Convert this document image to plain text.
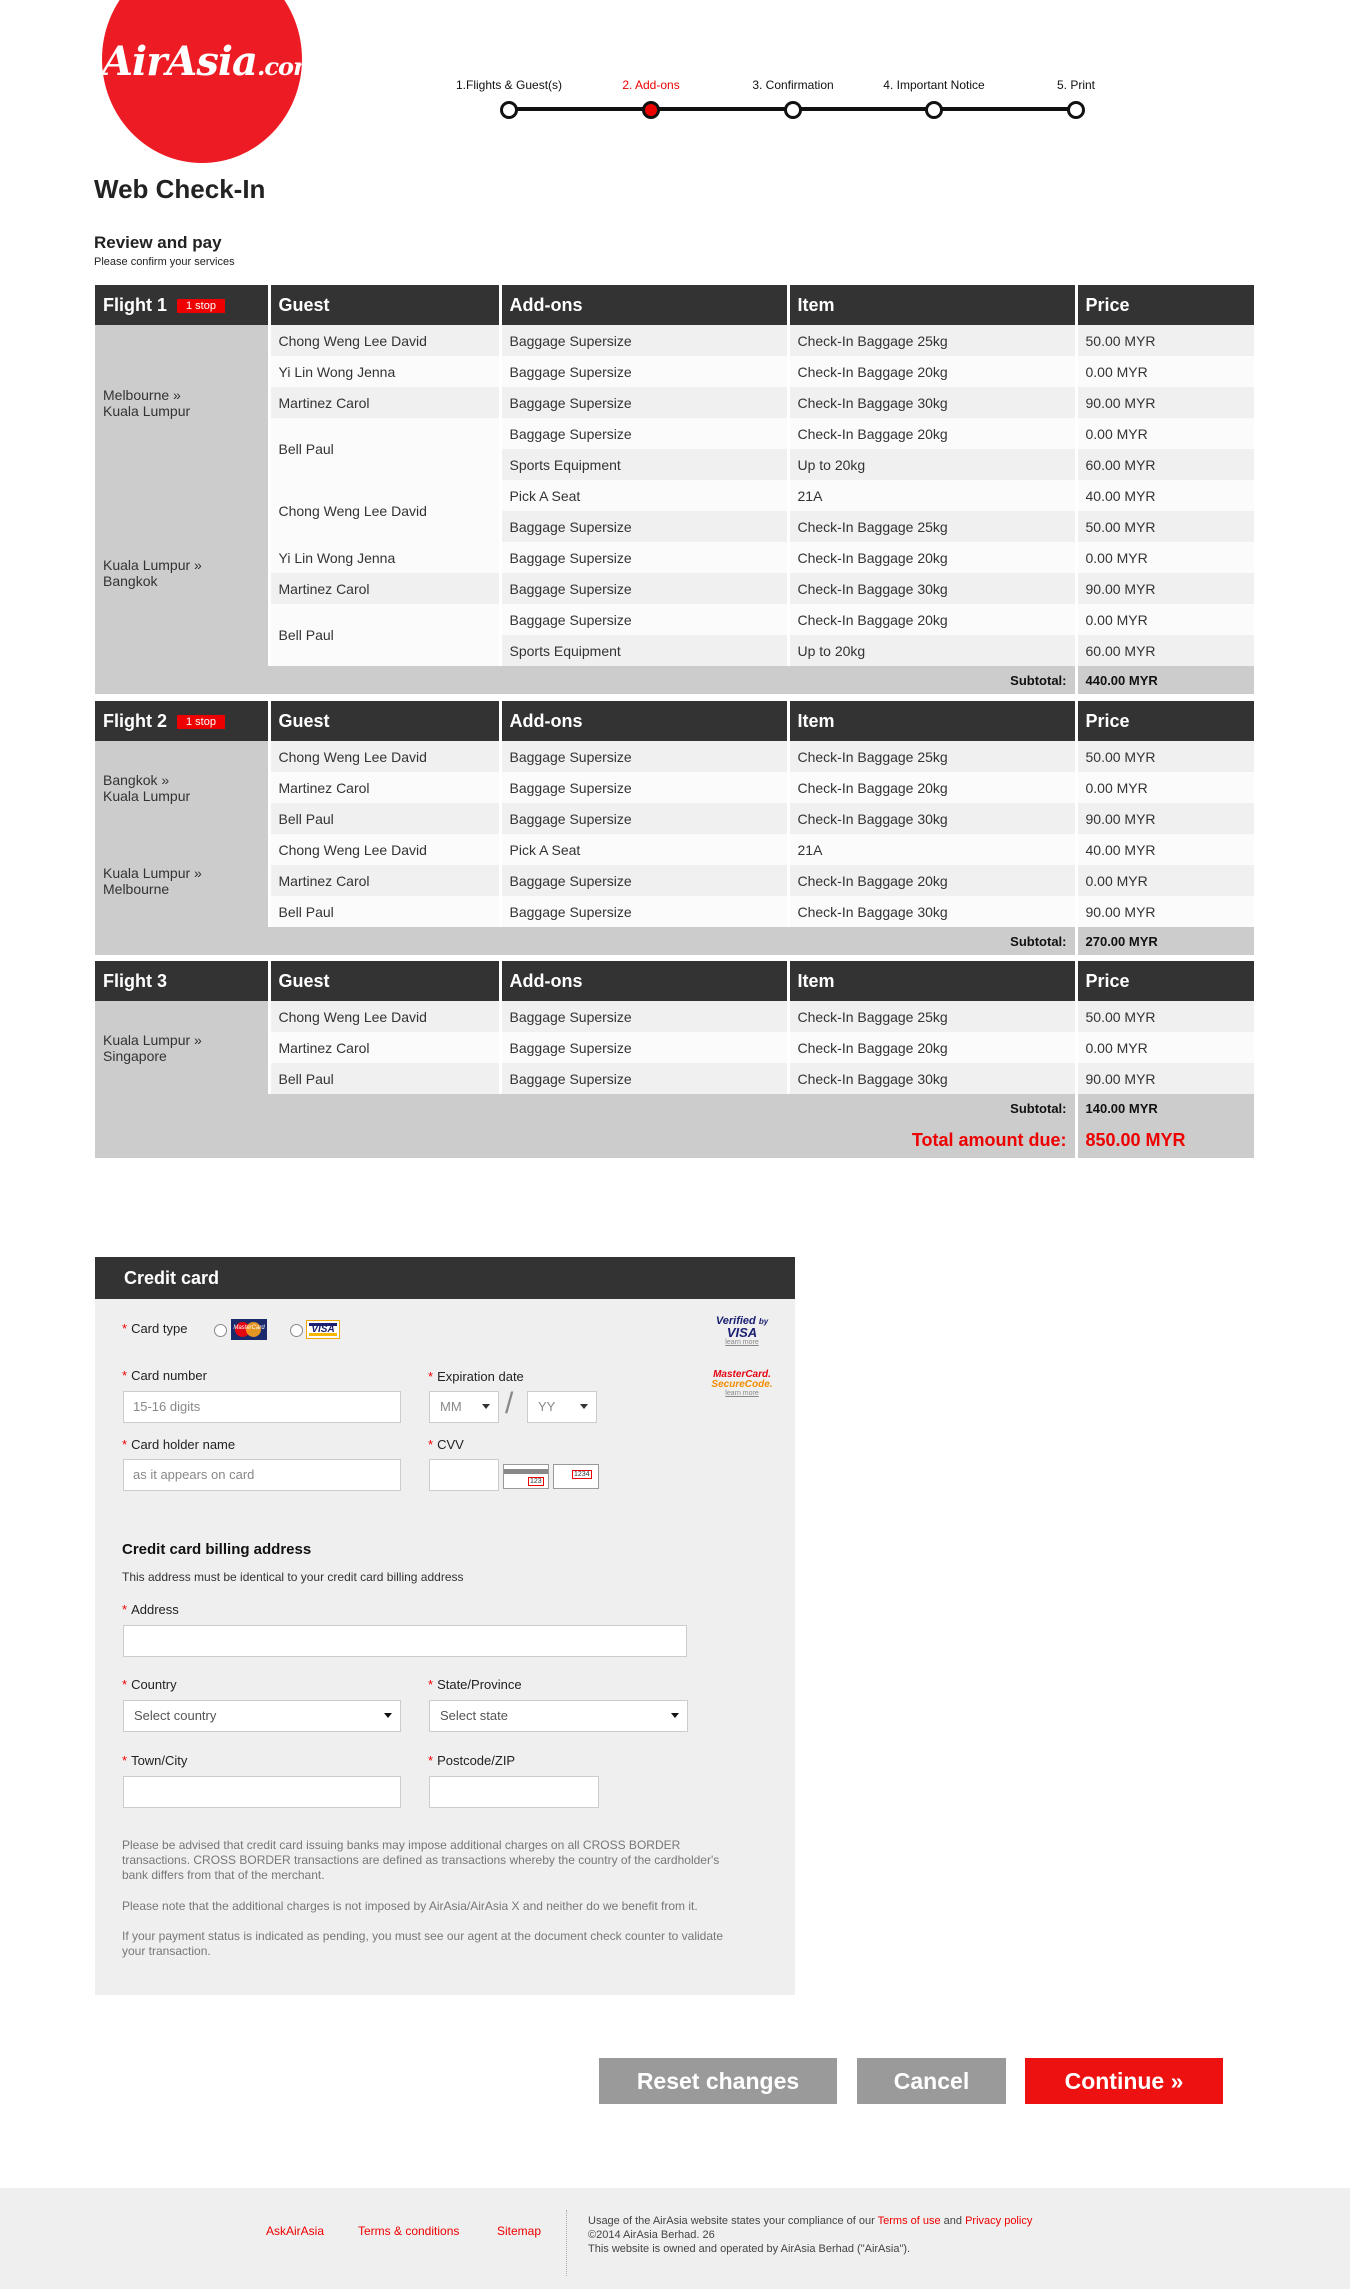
AirAsia.com
1.Flights & Guest(s)	2. Add-ons	3. Confirmation	4. Important Notice	5. Print
Web Check-In
Review and pay
Please confirm your services
Flight 1 1 stop	Guest	Add-ons	Item	Price

Melbourne »
Kuala Lumpur	Chong Weng Lee David	Baggage Supersize	Check-In Baggage 25kg	50.00 MYR
	Yi Lin Wong Jenna	Baggage Supersize	Check-In Baggage 20kg	0.00 MYR
	Martinez Carol	Baggage Supersize	Check-In Baggage 30kg	90.00 MYR
	Bell Paul	Baggage Supersize	Check-In Baggage 20kg	0.00 MYR
		Sports Equipment	Up to 20kg	60.00 MYR

Kuala Lumpur »
Bangkok	Chong Weng Lee David	Pick A Seat	21A	40.00 MYR
		Baggage Supersize	Check-In Baggage 25kg	50.00 MYR
	Yi Lin Wong Jenna	Baggage Supersize	Check-In Baggage 20kg	0.00 MYR
	Martinez Carol	Baggage Supersize	Check-In Baggage 30kg	90.00 MYR
	Bell Paul	Baggage Supersize	Check-In Baggage 20kg	0.00 MYR
		Sports Equipment	Up to 20kg	60.00 MYR
Subtotal:				440.00 MYR
Flight 2 1 stop	Guest	Add-ons	Item	Price

Bangkok »
Kuala Lumpur	Chong Weng Lee David	Baggage Supersize	Check-In Baggage 25kg	50.00 MYR
	Martinez Carol	Baggage Supersize	Check-In Baggage 20kg	0.00 MYR
	Bell Paul	Baggage Supersize	Check-In Baggage 30kg	90.00 MYR

Kuala Lumpur »
Melbourne	Chong Weng Lee David	Pick A Seat	21A	40.00 MYR
	Martinez Carol	Baggage Supersize	Check-In Baggage 20kg	0.00 MYR
	Bell Paul	Baggage Supersize	Check-In Baggage 30kg	90.00 MYR
Subtotal:				270.00 MYR
Flight 3	Guest	Add-ons	Item	Price

Kuala Lumpur »
Singapore	Chong Weng Lee David	Baggage Supersize	Check-In Baggage 25kg	50.00 MYR
	Martinez Carol	Baggage Supersize	Check-In Baggage 20kg	0.00 MYR
	Bell Paul	Baggage Supersize	Check-In Baggage 30kg	90.00 MYR
Subtotal:				140.00 MYR
Total amount due:				850.00 MYR
Credit card
* Card type	MasterCard	VISA
Verified by
VISA
learn more
MasterCard.
SecureCode.
learn more
* Card number
15-16 digits
* Expiration date
MM	/	YY
* Card holder name
as it appears on card
* CVV
123
1234
Credit card billing address
This address must be identical to your credit card billing address
* Address
* Country
Select country
* State/Province
Select state
* Town/City	* Postcode/ZIP
Please be advised that credit card issuing banks may impose additional charges on all CROSS BORDER transactions. CROSS BORDER transactions are defined as transactions whereby the country of the cardholder's bank differs from that of the merchant.
Please note that the additional charges is not imposed by AirAsia/AirAsia X and neither do we benefit from it.
If your payment status is indicated as pending, you must see our agent at the document check counter to validate your transaction.
Reset changes	Cancel	Continue »
AskAirAsia	Terms & conditions	Sitemap
Usage of the AirAsia website states your compliance of our Terms of use and Privacy policy
©2014 AirAsia Berhad. 26
This website is owned and operated by AirAsia Berhad ("AirAsia").
